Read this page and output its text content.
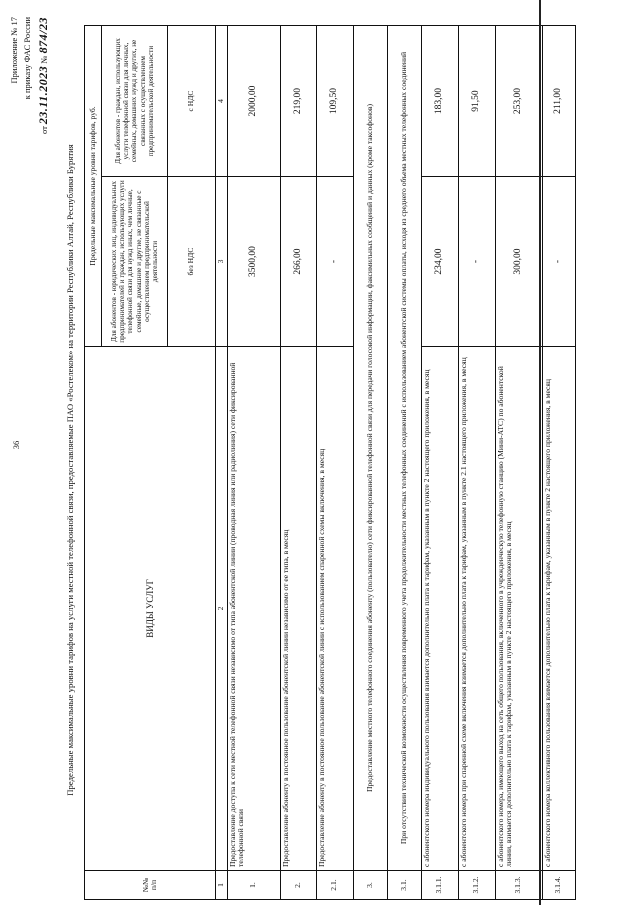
36
Приложение № 17 к приказу ФАС России
от 23.11.2023 № 874/23
Предельные максимальные уровни тарифов на услуги местной телефонной связи, предоставляемые ПАО «Ростелеком» на территории Республики Алтай, Республики Бурятия
№№ п/п	ВИДЫ УСЛУГ	Предельные максимальные уровни тарифов, руб.	
		Для абонентов - юридических лиц, индивидуальных предпринимателей и граждан, использующих услуги телефонной связи для нужд иных, чем личные, семейные, домашние и другие, не связанные с осуществлением предпринимательской деятельности	Для абонентов - граждан, использующих услуги телефонной связи для личных, семейных, домашних нужд и других, не связанных с осуществлением предпринимательской деятельности
		без НДС	с НДС
1	2	3	4
1.	Предоставление доступа к сети местной телефонной связи независимо от типа абонентской линии (проводная линия или радиолиния) сети фиксированной телефонной связи	3500,00	2000,00
2.	Предоставление абоненту в постоянное пользование абонентской линии независимо от ее типа, в месяц	266,00	219,00
2.1.	Предоставление абоненту в постоянное пользование абонентской линии с использованием спаренной схемы включения, в месяц	-	109,50
3.	Предоставление местного телефонного соединения абоненту (пользователю) сети фиксированной телефонной связи для передачи голосовой информации, факсимильных сообщений и данных (кроме таксофонов)		
3.1.	При отсутствии технической возможности осуществления повременного учета продолжительности местных телефонных соединений с использованием абонентской системы оплаты, исходя из среднего объема местных телефонных соединений		
3.1.1.	с абонентского номера индивидуального пользования взимается дополнительно плата к тарифам, указанным в пункте 2 настоящего приложения, в месяц	234,00	183,00
3.1.2.	с абонентского номера при спаренной схеме включения взимается дополнительно плата к тарифам, указанным в пункте 2.1 настоящего приложения, в месяц	-	91,50
3.1.3.	с абонентского номера, имеющего выход на сеть общего пользования, включенного в учрежденческую телефонную станцию (Мини-АТС) по абонентской линии, взимается дополнительно плата к тарифам, указанным в пункте 2 настоящего приложения, в месяц	300,00	253,00
3.1.4.	с абонентского номера коллективного пользования взимается дополнительно плата к тарифам, указанным в пункте 2 настоящего приложения, в месяц	-	211,00
